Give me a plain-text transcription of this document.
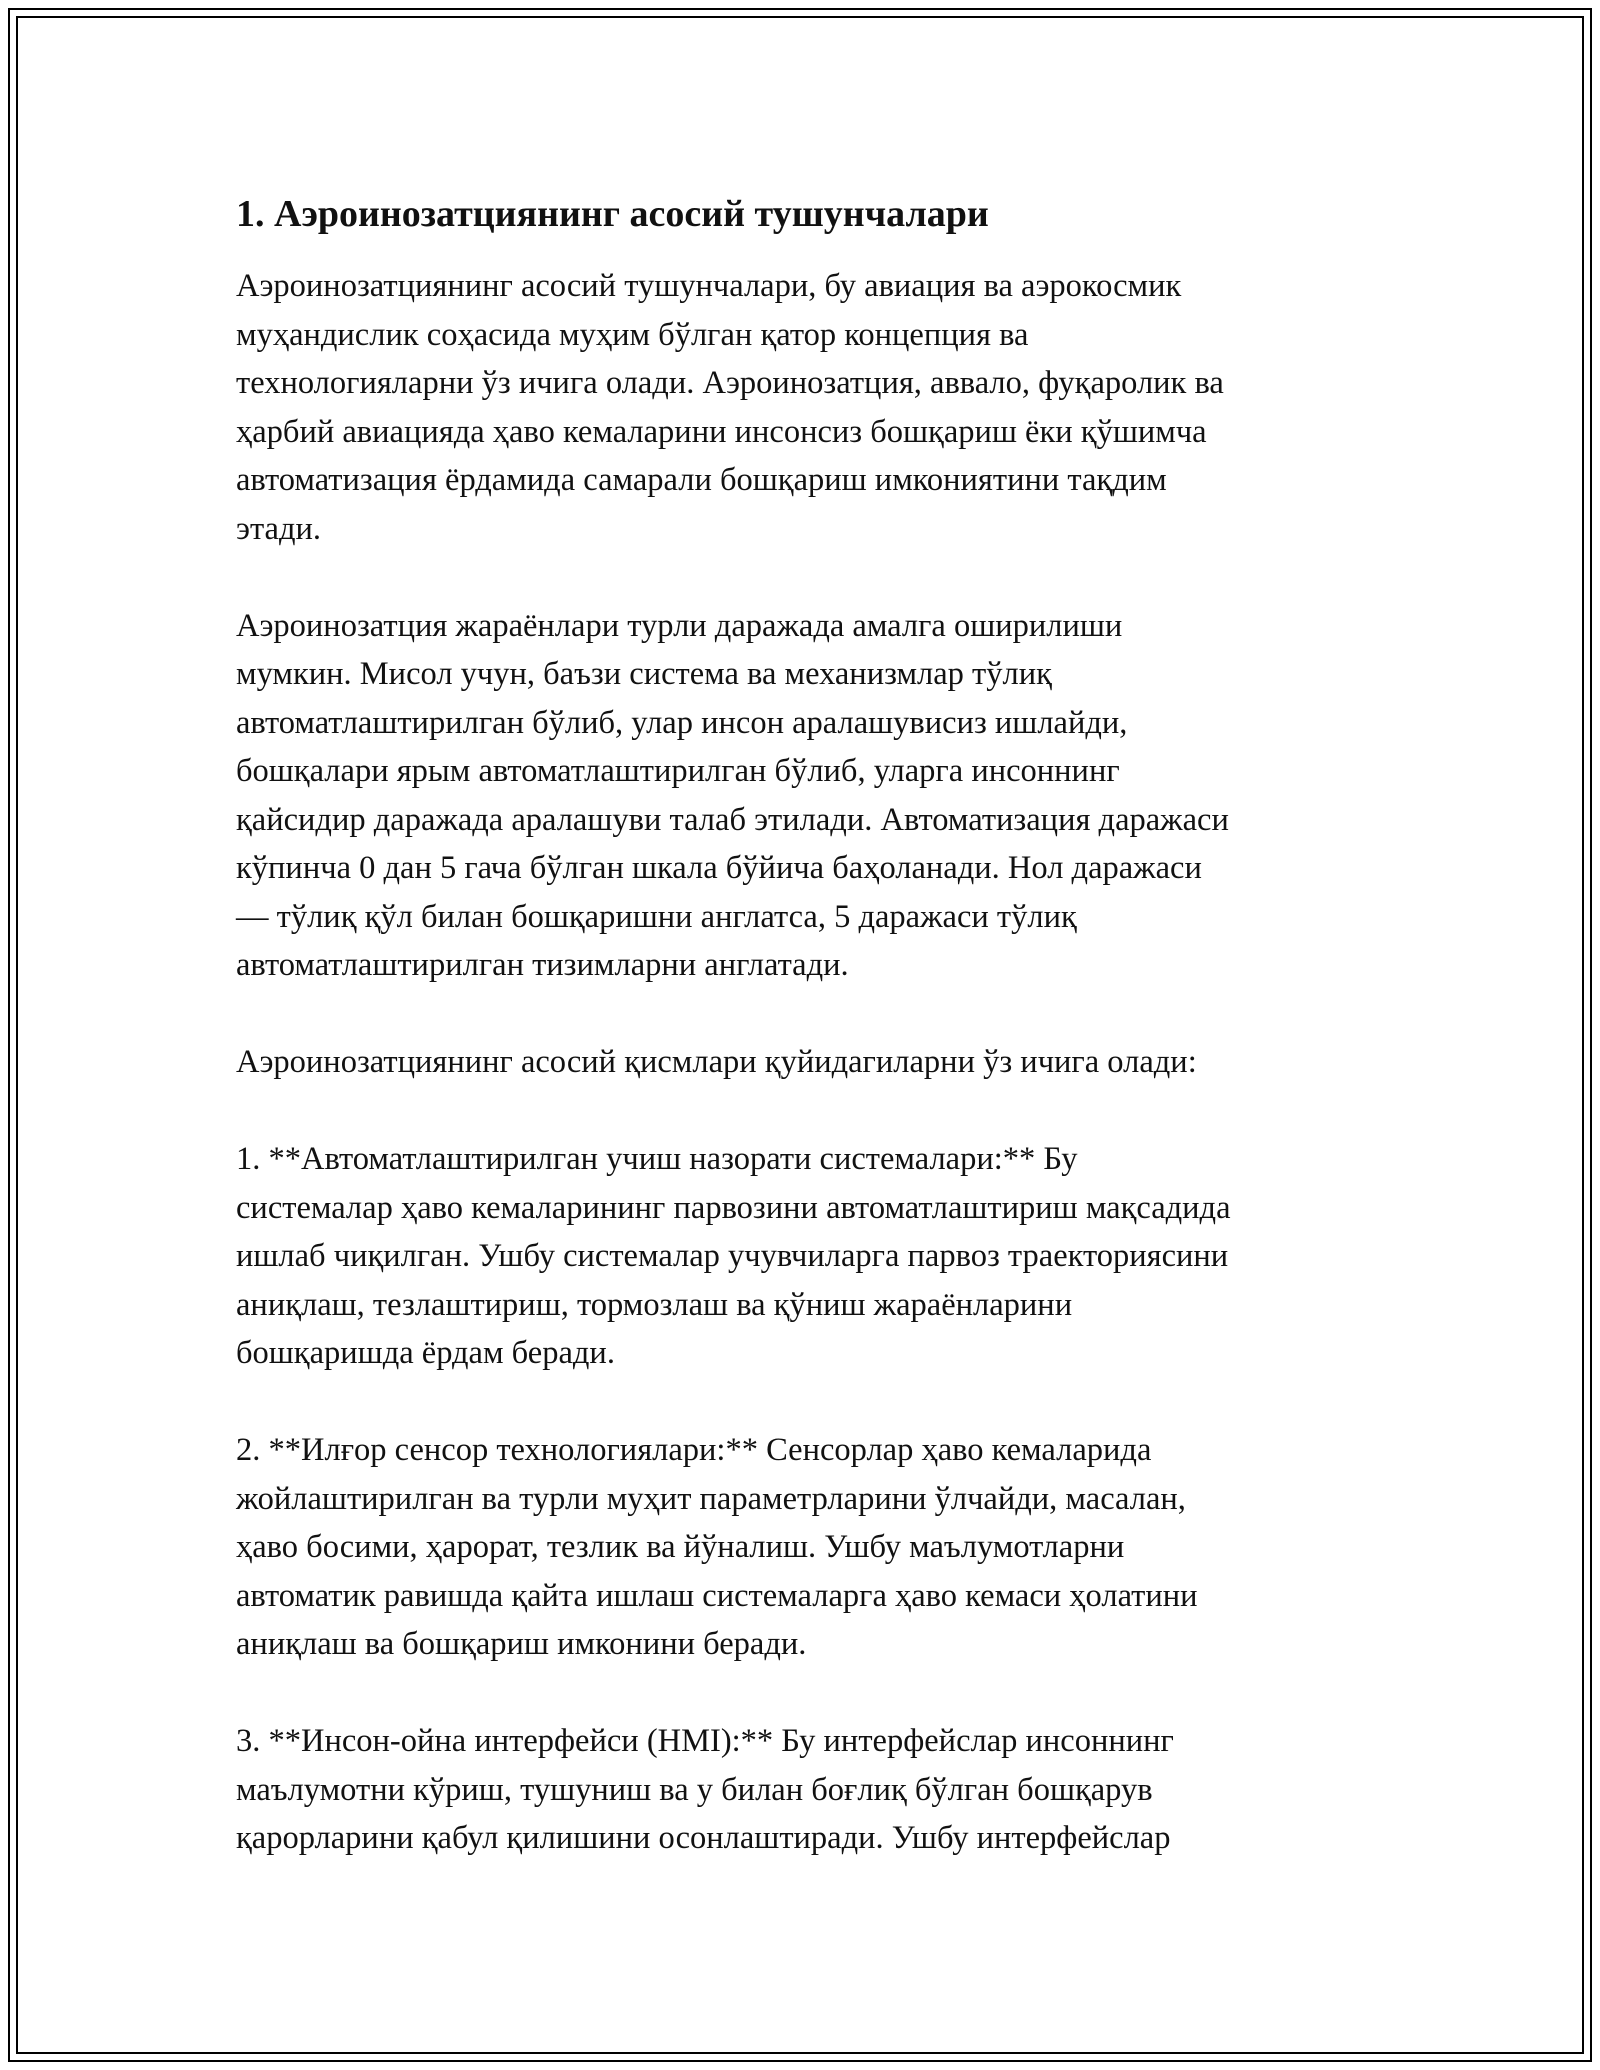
1. Аэроинозатциянинг асосий тушунчалари

Аэроинозатциянинг асосий тушунчалари, бу авиация ва аэрокосмик
муҳандислик соҳасида муҳим бўлган қатор концепция ва
технологияларни ўз ичига олади. Аэроинозатция, аввало, фуқаролик ва
ҳарбий авиацияда ҳаво кемаларини инсонсиз бошқариш ёки қўшимча
автоматизация ёрдамида самарали бошқариш имкониятини тақдим
этади.

Аэроинозатция жараёнлари турли даражада амалга оширилиши
мумкин. Мисол учун, баъзи система ва механизмлар тўлиқ
автоматлаштирилган бўлиб, улар инсон аралашувисиз ишлайди,
бошқалари ярым автоматлаштирилган бўлиб, уларга инсоннинг
қайсидир даражада аралашуви талаб этилади. Автоматизация даражаси
кўпинча 0 дан 5 гача бўлган шкала бўйича баҳоланади. Нол даражаси
— тўлиқ қўл билан бошқаришни англатса, 5 даражаси тўлиқ
автоматлаштирилган тизимларни англатади.

Аэроинозатциянинг асосий қисмлари қуйидагиларни ўз ичига олади:

1. **Автоматлаштирилган учиш назорати системалари:** Бу
системалар ҳаво кемаларининг парвозини автоматлаштириш мақсадида
ишлаб чиқилган. Ушбу системалар учувчиларга парвоз траекториясини
аниқлаш, тезлаштириш, тормозлаш ва қўниш жараёнларини
бошқаришда ёрдам беради.

2. **Илғор сенсор технологиялари:** Сенсорлар ҳаво кемаларида
жойлаштирилган ва турли муҳит параметрларини ўлчайди, масалан,
ҳаво босими, ҳарорат, тезлик ва йўналиш. Ушбу маълумотларни
автоматик равишда қайта ишлаш системаларга ҳаво кемаси ҳолатини
аниқлаш ва бошқариш имконини беради.

3. **Инсон-ойна интерфейси (HMI):** Бу интерфейслар инсоннинг
маълумотни кўриш, тушуниш ва у билан боғлиқ бўлган бошқарув
қарорларини қабул қилишини осонлаштиради. Ушбу интерфейслар
